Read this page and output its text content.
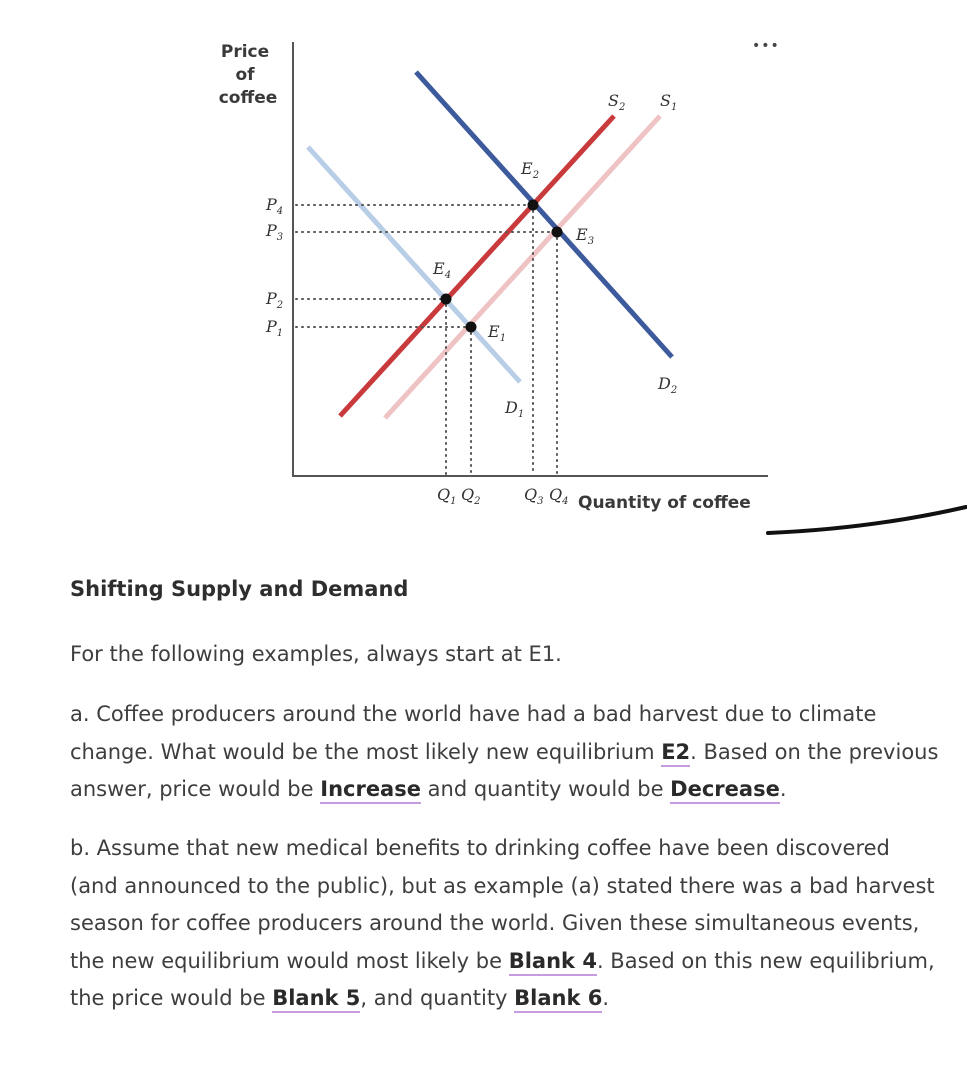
Price of coffee
Quantity of coffee
$P_4$
$P_3$
$P_2$
$P_1$
$Q_1$ $Q_2$	$Q_3$ $Q_4$
$S_2$ $S_1$
$D_1$
$D_2$
$E_1$
$E_2$
$E_3$
$E_4$
•••
Shifting Supply and Demand

For the following examples, always start at E1.

a. Coffee producers around the world have had a bad harvest due to climate change. What would be the most likely new equilibrium E2. Based on the previous answer, price would be Increase and quantity would be Decrease.

b. Assume that new medical benefits to drinking coffee have been discovered (and announced to the public), but as example (a) stated there was a bad harvest season for coffee producers around the world. Given these simultaneous events, the new equilibrium would most likely be Blank 4. Based on this new equilibrium, the price would be Blank 5, and quantity Blank 6.
